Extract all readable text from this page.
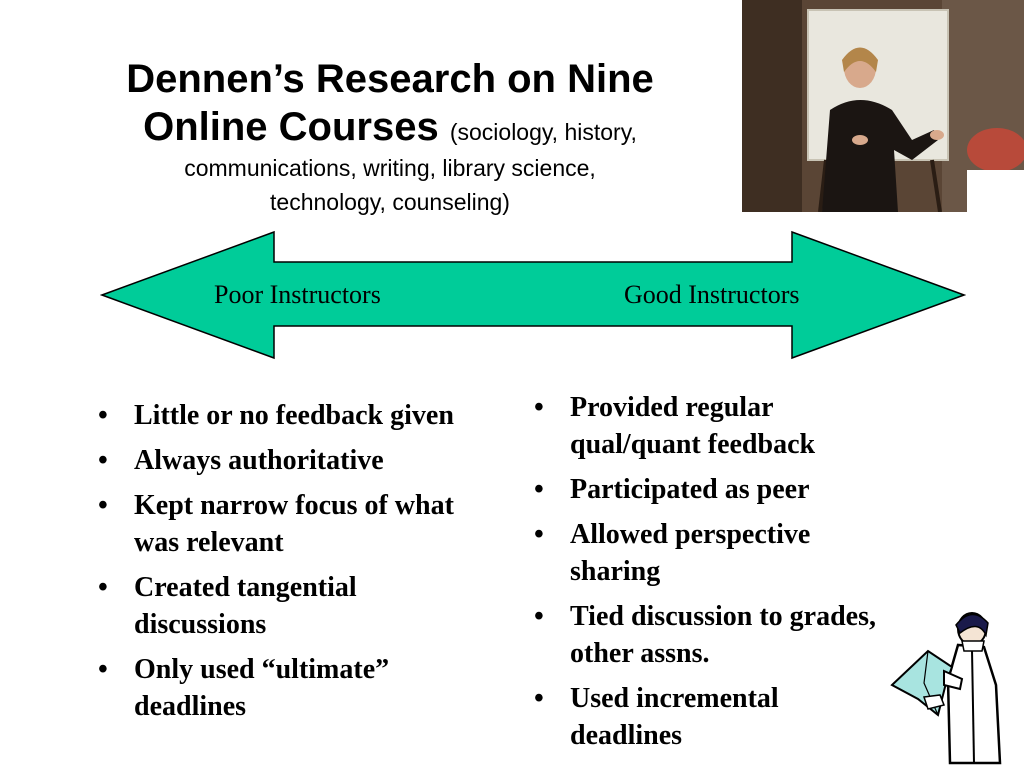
Dennen’s Research on Nine
Online Courses (sociology, history,
communications, writing, library science,
technology, counseling)
Poor Instructors	Good Instructors
• Little or no feedback given
• Always authoritative
• Kept narrow focus of what was relevant
• Created tangential discussions
• Only used “ultimate” deadlines
• Provided regular qual/quant feedback
• Participated as peer
• Allowed perspective sharing
• Tied discussion to grades, other assns.
• Used incremental deadlines
